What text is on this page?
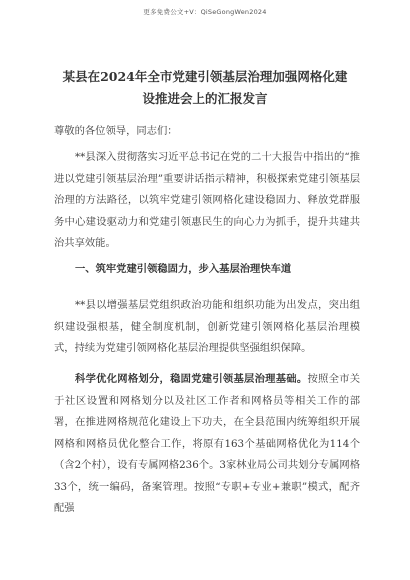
更多免费公文+V：QiSeGongWen2024
某县在2024年全市党建引领基层治理加强网格化建设推进会上的汇报发言
尊敬的各位领导，同志们：
**县深入贯彻落实习近平总书记在党的二十大报告中指出的“推进以党建引领基层治理”重要讲话指示精神，积极探索党建引领基层治理的方法路径，以筑牢党建引领网格化建设稳固力、释放党群服务中心建设驱动力和党建引领惠民生的向心力为抓手，提升共建共治共享效能。
一、筑牢党建引领稳固力，步入基层治理快车道
**县以增强基层党组织政治功能和组织功能为出发点，突出组织建设强根基，健全制度机制，创新党建引领网格化基层治理模式，持续为党建引领网格化基层治理提供坚强组织保障。
科学优化网格划分，稳固党建引领基层治理基础。按照全市关于社区设置和网格划分以及社区工作者和网格员等相关工作的部署，在推进网格规范化建设上下功夫，在全县范围内统筹组织开展网格和网格员优化整合工作，将原有163个基础网格优化为114个（含2个村），设有专属网格236个。3家林业局公司共划分专属网格33个，统一编码，备案管理。按照“专职+专业+兼职”模式，配齐配强
